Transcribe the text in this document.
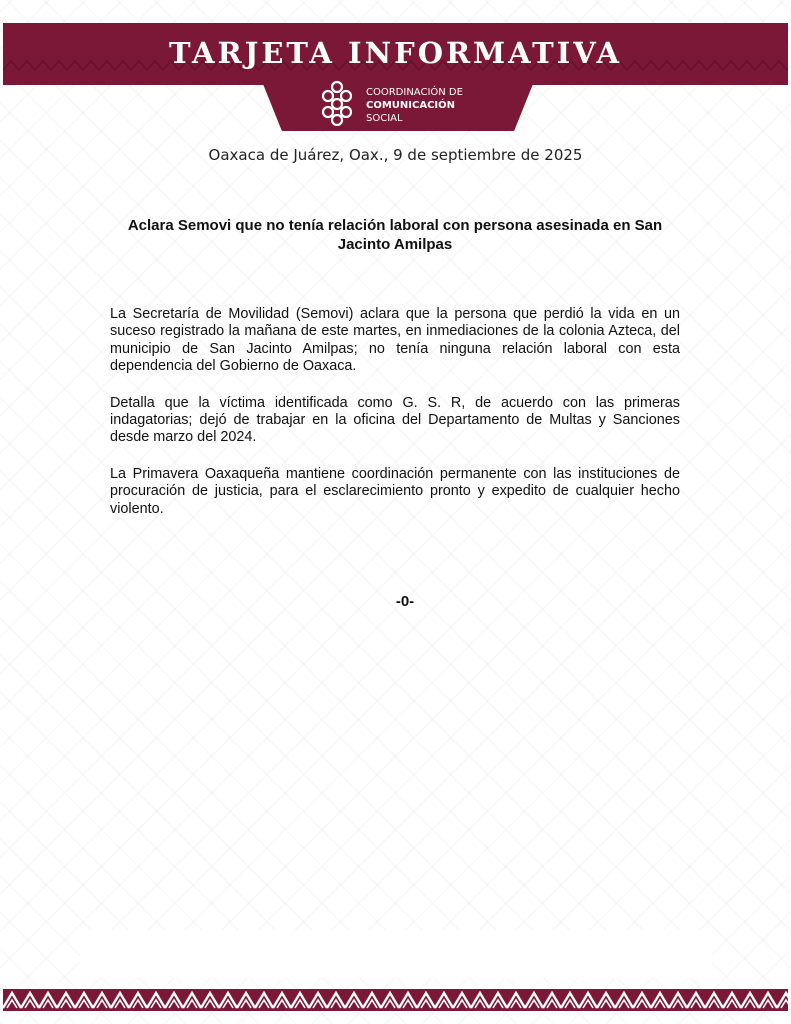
TARJETA INFORMATIVA
COORDINACIÓN DE
COMUNICACIÓN
SOCIAL
Oaxaca de Juárez, Oax., 9 de septiembre de 2025
Aclara Semovi que no tenía relación laboral con persona asesinada en San Jacinto Amilpas

La Secretaría de Movilidad (Semovi) aclara que la persona que perdió la vida en un suceso registrado la mañana de este martes, en inmediaciones de la colonia Azteca, del municipio de San Jacinto Amilpas; no tenía ninguna relación laboral con esta dependencia del Gobierno de Oaxaca.

Detalla que la víctima identificada como G. S. R, de acuerdo con las primeras indagatorias; dejó de trabajar en la oficina del Departamento de Multas y Sanciones desde marzo del 2024.

La Primavera Oaxaqueña mantiene coordinación permanente con las instituciones de procuración de justicia, para el esclarecimiento pronto y expedito de cualquier hecho violento.

-0-
